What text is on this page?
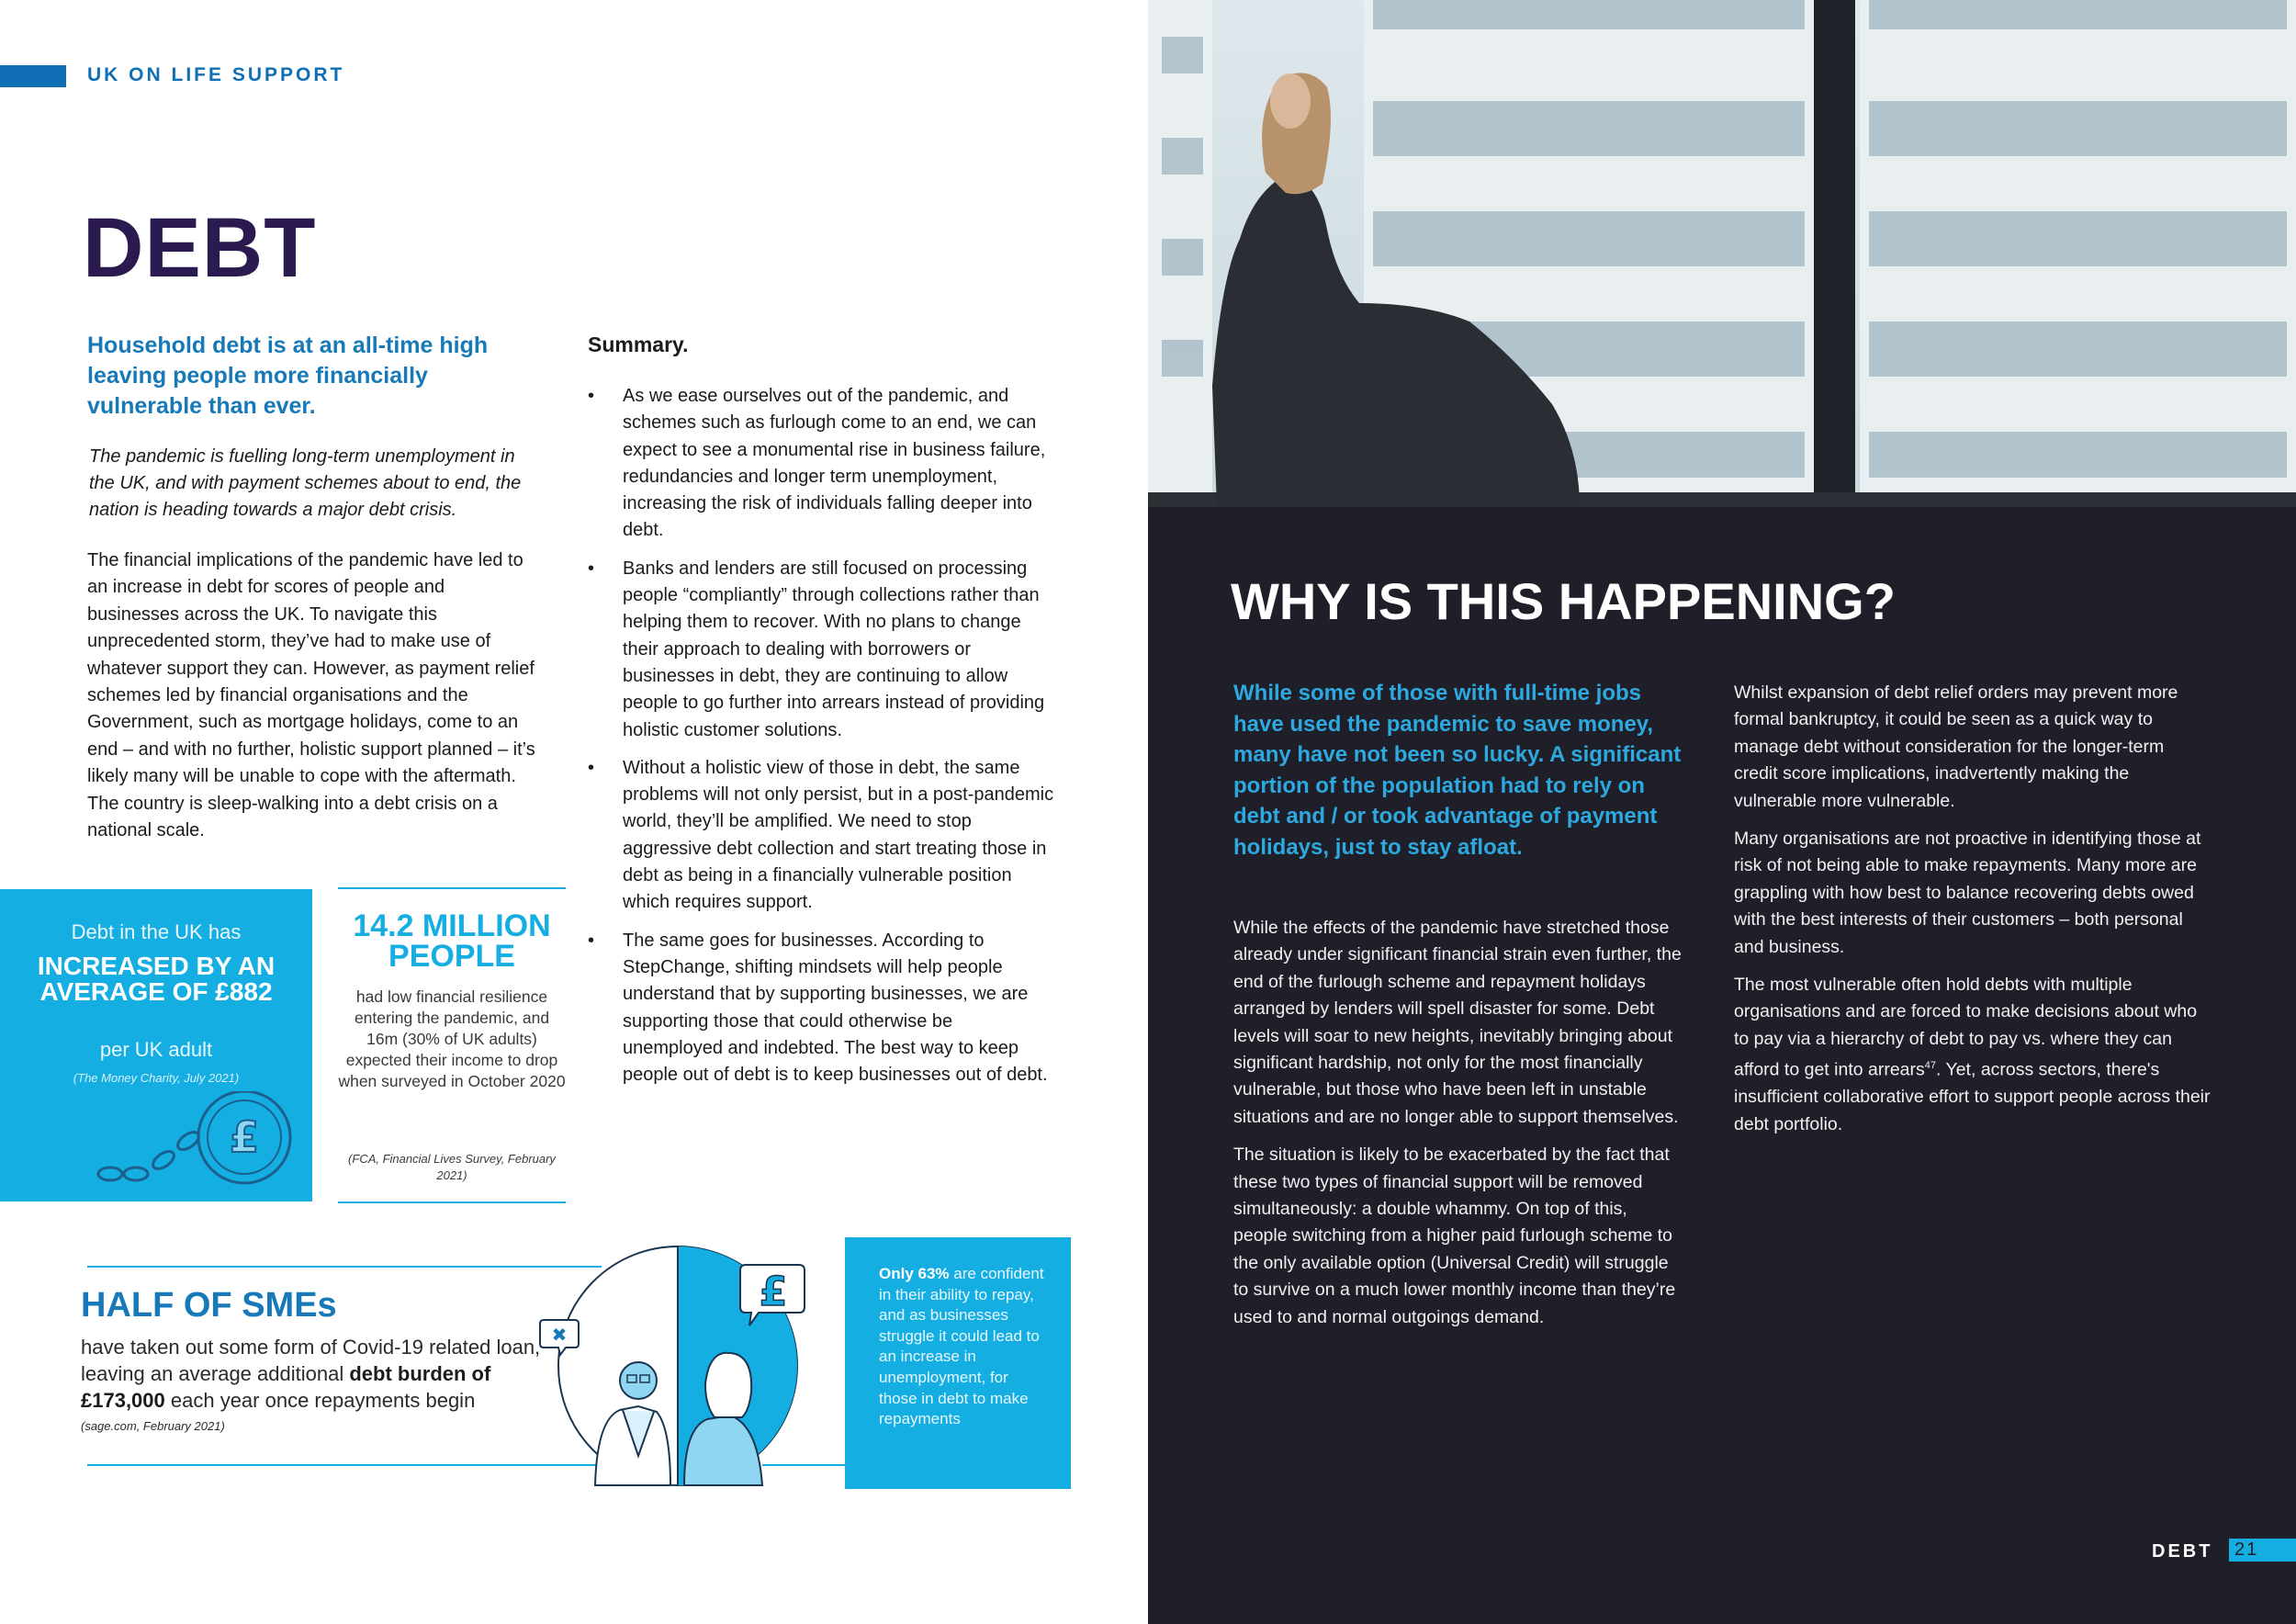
UK ON LIFE SUPPORT
DEBT

Household debt is at an all-time high leaving people more financially vulnerable than ever.

The pandemic is fuelling long-term unemployment in the UK, and with payment schemes about to end, the nation is heading towards a major debt crisis.

The financial implications of the pandemic have led to an increase in debt for scores of people and businesses across the UK. To navigate this unprecedented storm, they’ve had to make use of whatever support they can. However, as payment relief schemes led by financial organisations and the Government, such as mortgage holidays, come to an end – and with no further, holistic support planned – it’s likely many will be unable to cope with the aftermath. The country is sleep-walking into a debt crisis on a national scale.

Summary.
• As we ease ourselves out of the pandemic, and schemes such as furlough come to an end, we can expect to see a monumental rise in business failure, redundancies and longer term unemployment, increasing the risk of individuals falling deeper into debt.
• Banks and lenders are still focused on processing people “compliantly” through collections rather than helping them to recover. With no plans to change their approach to dealing with borrowers or businesses in debt, they are continuing to allow people to go further into arrears instead of providing holistic customer solutions.
• Without a holistic view of those in debt, the same problems will not only persist, but in a post-pandemic world, they’ll be amplified. We need to stop aggressive debt collection and start treating those in debt as being in a financially vulnerable position which requires support.
• The same goes for businesses. According to StepChange, shifting mindsets will help people understand that by supporting businesses, we are supporting those that could otherwise be unemployed and indebted. The best way to keep people out of debt is to keep businesses out of debt.
Debt in the UK has
INCREASED BY AN AVERAGE OF £882
per UK adult
(The Money Charity, July 2021)
£
14.2 MILLION PEOPLE
had low financial resilience entering the pandemic, and 16m (30% of UK adults) expected their income to drop when surveyed in October 2020
(FCA, Financial Lives Survey, February 2021)
HALF OF SMEs

have taken out some form of Covid-19 related loan, leaving an average additional debt burden of £173,000 each year once repayments begin

(sage.com, February 2021)
£
✖

Only 63% are confident in their ability to repay, and as businesses struggle it could lead to an increase in unemployment, for those in debt to make repayments

WHY IS THIS HAPPENING?

While some of those with full-time jobs have used the pandemic to save money, many have not been so lucky. A significant portion of the population had to rely on debt and / or took advantage of payment holidays, just to stay afloat.

While the effects of the pandemic have stretched those already under significant financial strain even further, the end of the furlough scheme and repayment holidays arranged by lenders will spell disaster for some. Debt levels will soar to new heights, inevitably bringing about significant hardship, not only for the most financially vulnerable, but those who have been left in unstable situations and are no longer able to support themselves.

The situation is likely to be exacerbated by the fact that these two types of financial support will be removed simultaneously: a double whammy. On top of this, people switching from a higher paid furlough scheme to the only available option (Universal Credit) will struggle to survive on a much lower monthly income than they’re used to and normal outgoings demand.

Whilst expansion of debt relief orders may prevent more formal bankruptcy, it could be seen as a quick way to manage debt without consideration for the longer-term credit score implications, inadvertently making the vulnerable more vulnerable.

Many organisations are not proactive in identifying those at risk of not being able to make repayments. Many more are grappling with how best to balance recovering debts owed with the best interests of their customers – both personal and business.

The most vulnerable often hold debts with multiple organisations and are forced to make decisions about who to pay via a hierarchy of debt to pay vs. where they can afford to get into arrears$^{47}$. Yet, across sectors, there's insufficient collaborative effort to support people across their debt portfolio.

DEBT 21
